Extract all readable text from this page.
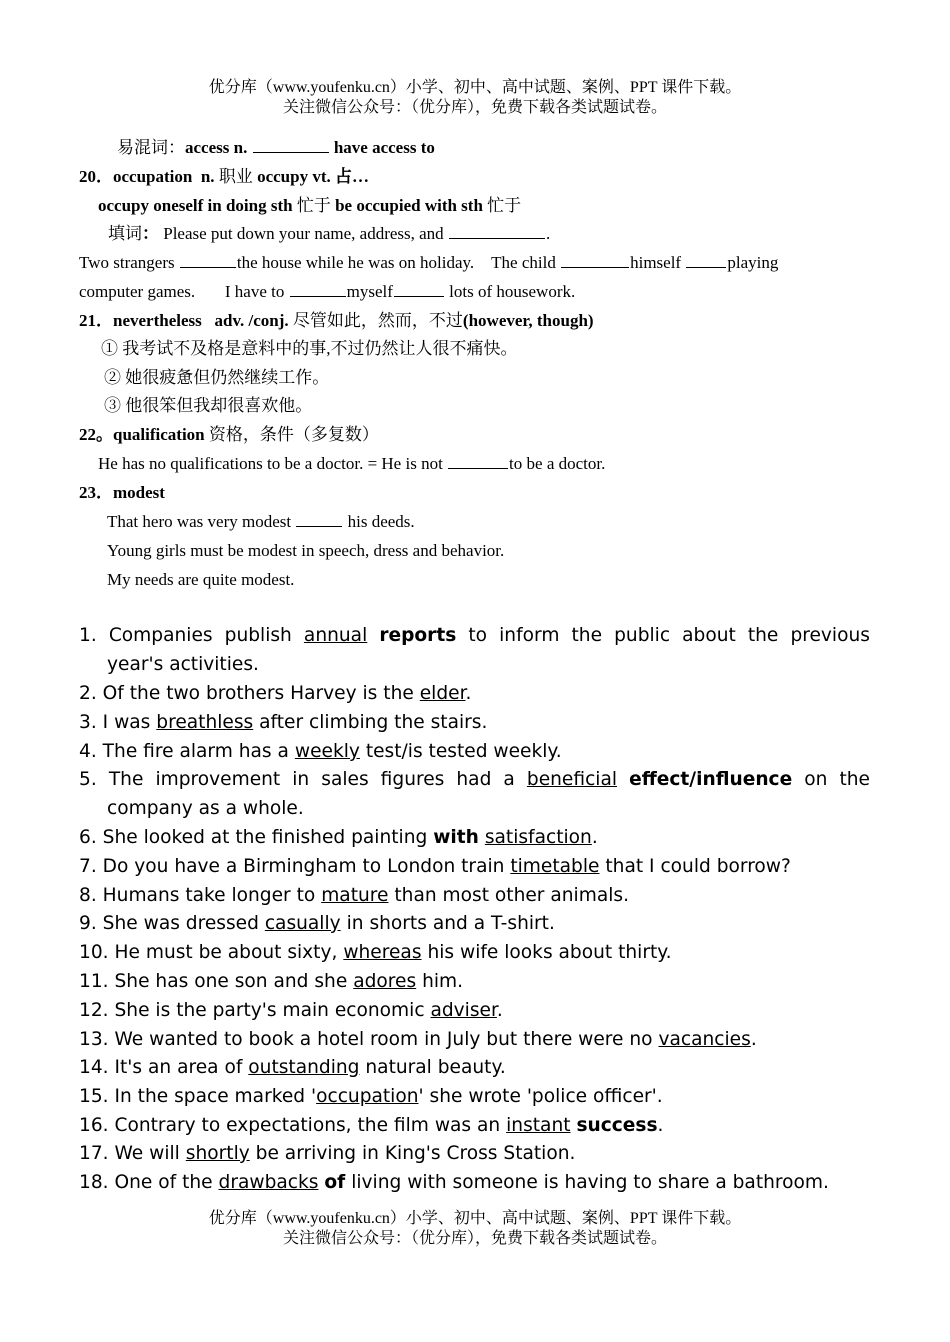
优分库（www.youfenku.cn）小学、初中、高中试题、案例、PPT 课件下载。
关注微信公众号：（优分库），免费下载各类试题试卷。
易混词：access n.	have access to
20．occupation n. 职业 occupy vt. 占…
occupy oneself in doing sth 忙于 be occupied with sth 忙于
填词： Please put down your name, address, and	.
Two strangers	the house while he was on holiday. The child	himself	playing
computer games. I have to	myself	lots of housework.
21．nevertheless adv. /conj. 尽管如此，然而，不过(however, though)
① 我考试不及格是意料中的事,不过仍然让人很不痛快。
② 她很疲惫但仍然继续工作。
③ 他很笨但我却很喜欢他。
22。qualification 资格，条件（多复数）
He has no qualifications to be a doctor. = He is not	to be a doctor.
23．modest
That hero was very modest	his deeds.
Young girls must be modest in speech, dress and behavior.
My needs are quite modest.
1. Companies publish annual reports to inform the public about the previous
year's activities.
2. Of the two brothers Harvey is the elder.
3. I was breathless after climbing the stairs.
4. The fire alarm has a weekly test/is tested weekly.
5. The improvement in sales figures had a beneficial effect/influence on the
company as a whole.
6. She looked at the finished painting with satisfaction.
7. Do you have a Birmingham to London train timetable that I could borrow?
8. Humans take longer to mature than most other animals.
9. She was dressed casually in shorts and a T-shirt.
10. He must be about sixty, whereas his wife looks about thirty.
11. She has one son and she adores him.
12. She is the party's main economic adviser.
13. We wanted to book a hotel room in July but there were no vacancies.
14. It's an area of outstanding natural beauty.
15. In the space marked 'occupation' she wrote 'police officer'.
16. Contrary to expectations, the film was an instant success.
17. We will shortly be arriving in King's Cross Station.
18. One of the drawbacks of living with someone is having to share a bathroom.
优分库（www.youfenku.cn）小学、初中、高中试题、案例、PPT 课件下载。
关注微信公众号：（优分库），免费下载各类试题试卷。
